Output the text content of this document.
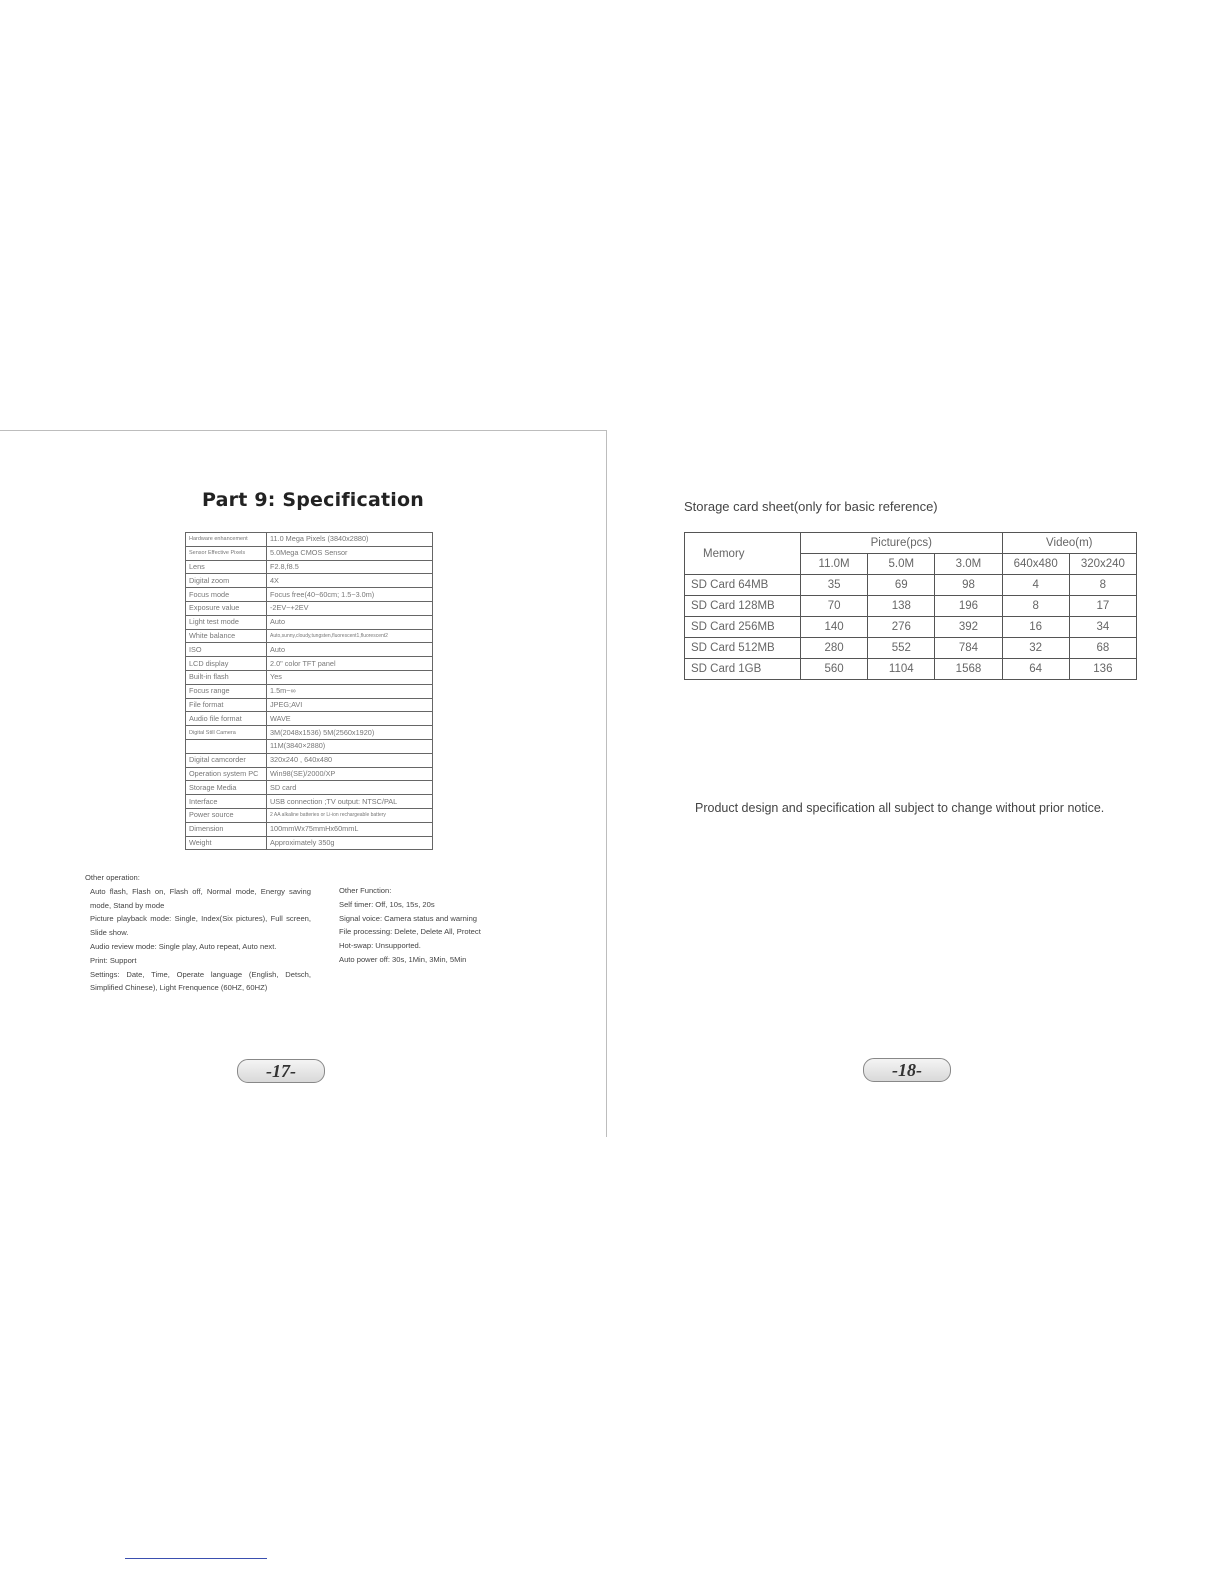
Part 9: Specification
Hardware enhancement	11.0 Mega Pixels (3840x2880)
Sensor Effective Pixels	5.0Mega CMOS Sensor
Lens	F2.8,f8.5
Digital zoom	4X
Focus mode	Focus free(40~60cm; 1.5~3.0m)
Exposure value	-2EV~+2EV
Light test mode	Auto
White balance	Auto,sunny,cloudy,tungsten,fluorescent1,fluorescent2
ISO	Auto
LCD display	2.0" color TFT panel
Built-in flash	Yes
Focus range	1.5m~∞
File format	JPEG;AVI
Audio file format	WAVE
Digital Still Camera	3M(2048x1536) 5M(2560x1920)
	11M(3840×2880)
Digital camcorder	320x240 , 640x480
Operation system PC	Win98(SE)/2000/XP
Storage Media	SD card
Interface	USB connection ;TV output: NTSC/PAL
Power source	2 AA alkaline batteries or Li-ion rechargeable battery
Dimension	100mmWx75mmHx60mmL
Weight	Approximately 350g

Other operation:

Auto flash, Flash on, Flash off, Normal mode, Energy saving mode, Stand by mode

Picture playback mode: Single, Index(Six pictures), Full screen, Slide show.

Audio review mode: Single play, Auto repeat, Auto next.

Print: Support

Settings: Date, Time, Operate language (English, Detsch, Simplified Chinese), Light Frenquence (60HZ, 60HZ)

Other Function:

Self timer: Off, 10s, 15s, 20s

Signal voice: Camera status and warning

File processing: Delete, Delete All, Protect

Hot-swap: Unsupported.

Auto power off: 30s, 1Min, 3Min, 5Min

-17-
Storage card sheet(only for basic reference)
Memory	Picture(pcs)			Video(m)	
	11.0M	5.0M	3.0M	640x480	320x240
SD Card 64MB	35	69	98	4	8
SD Card 128MB	70	138	196	8	17
SD Card 256MB	140	276	392	16	34
SD Card 512MB	280	552	784	32	68
SD Card 1GB	560	1104	1568	64	136
Product design and specification all subject to change without prior notice.
-18-
